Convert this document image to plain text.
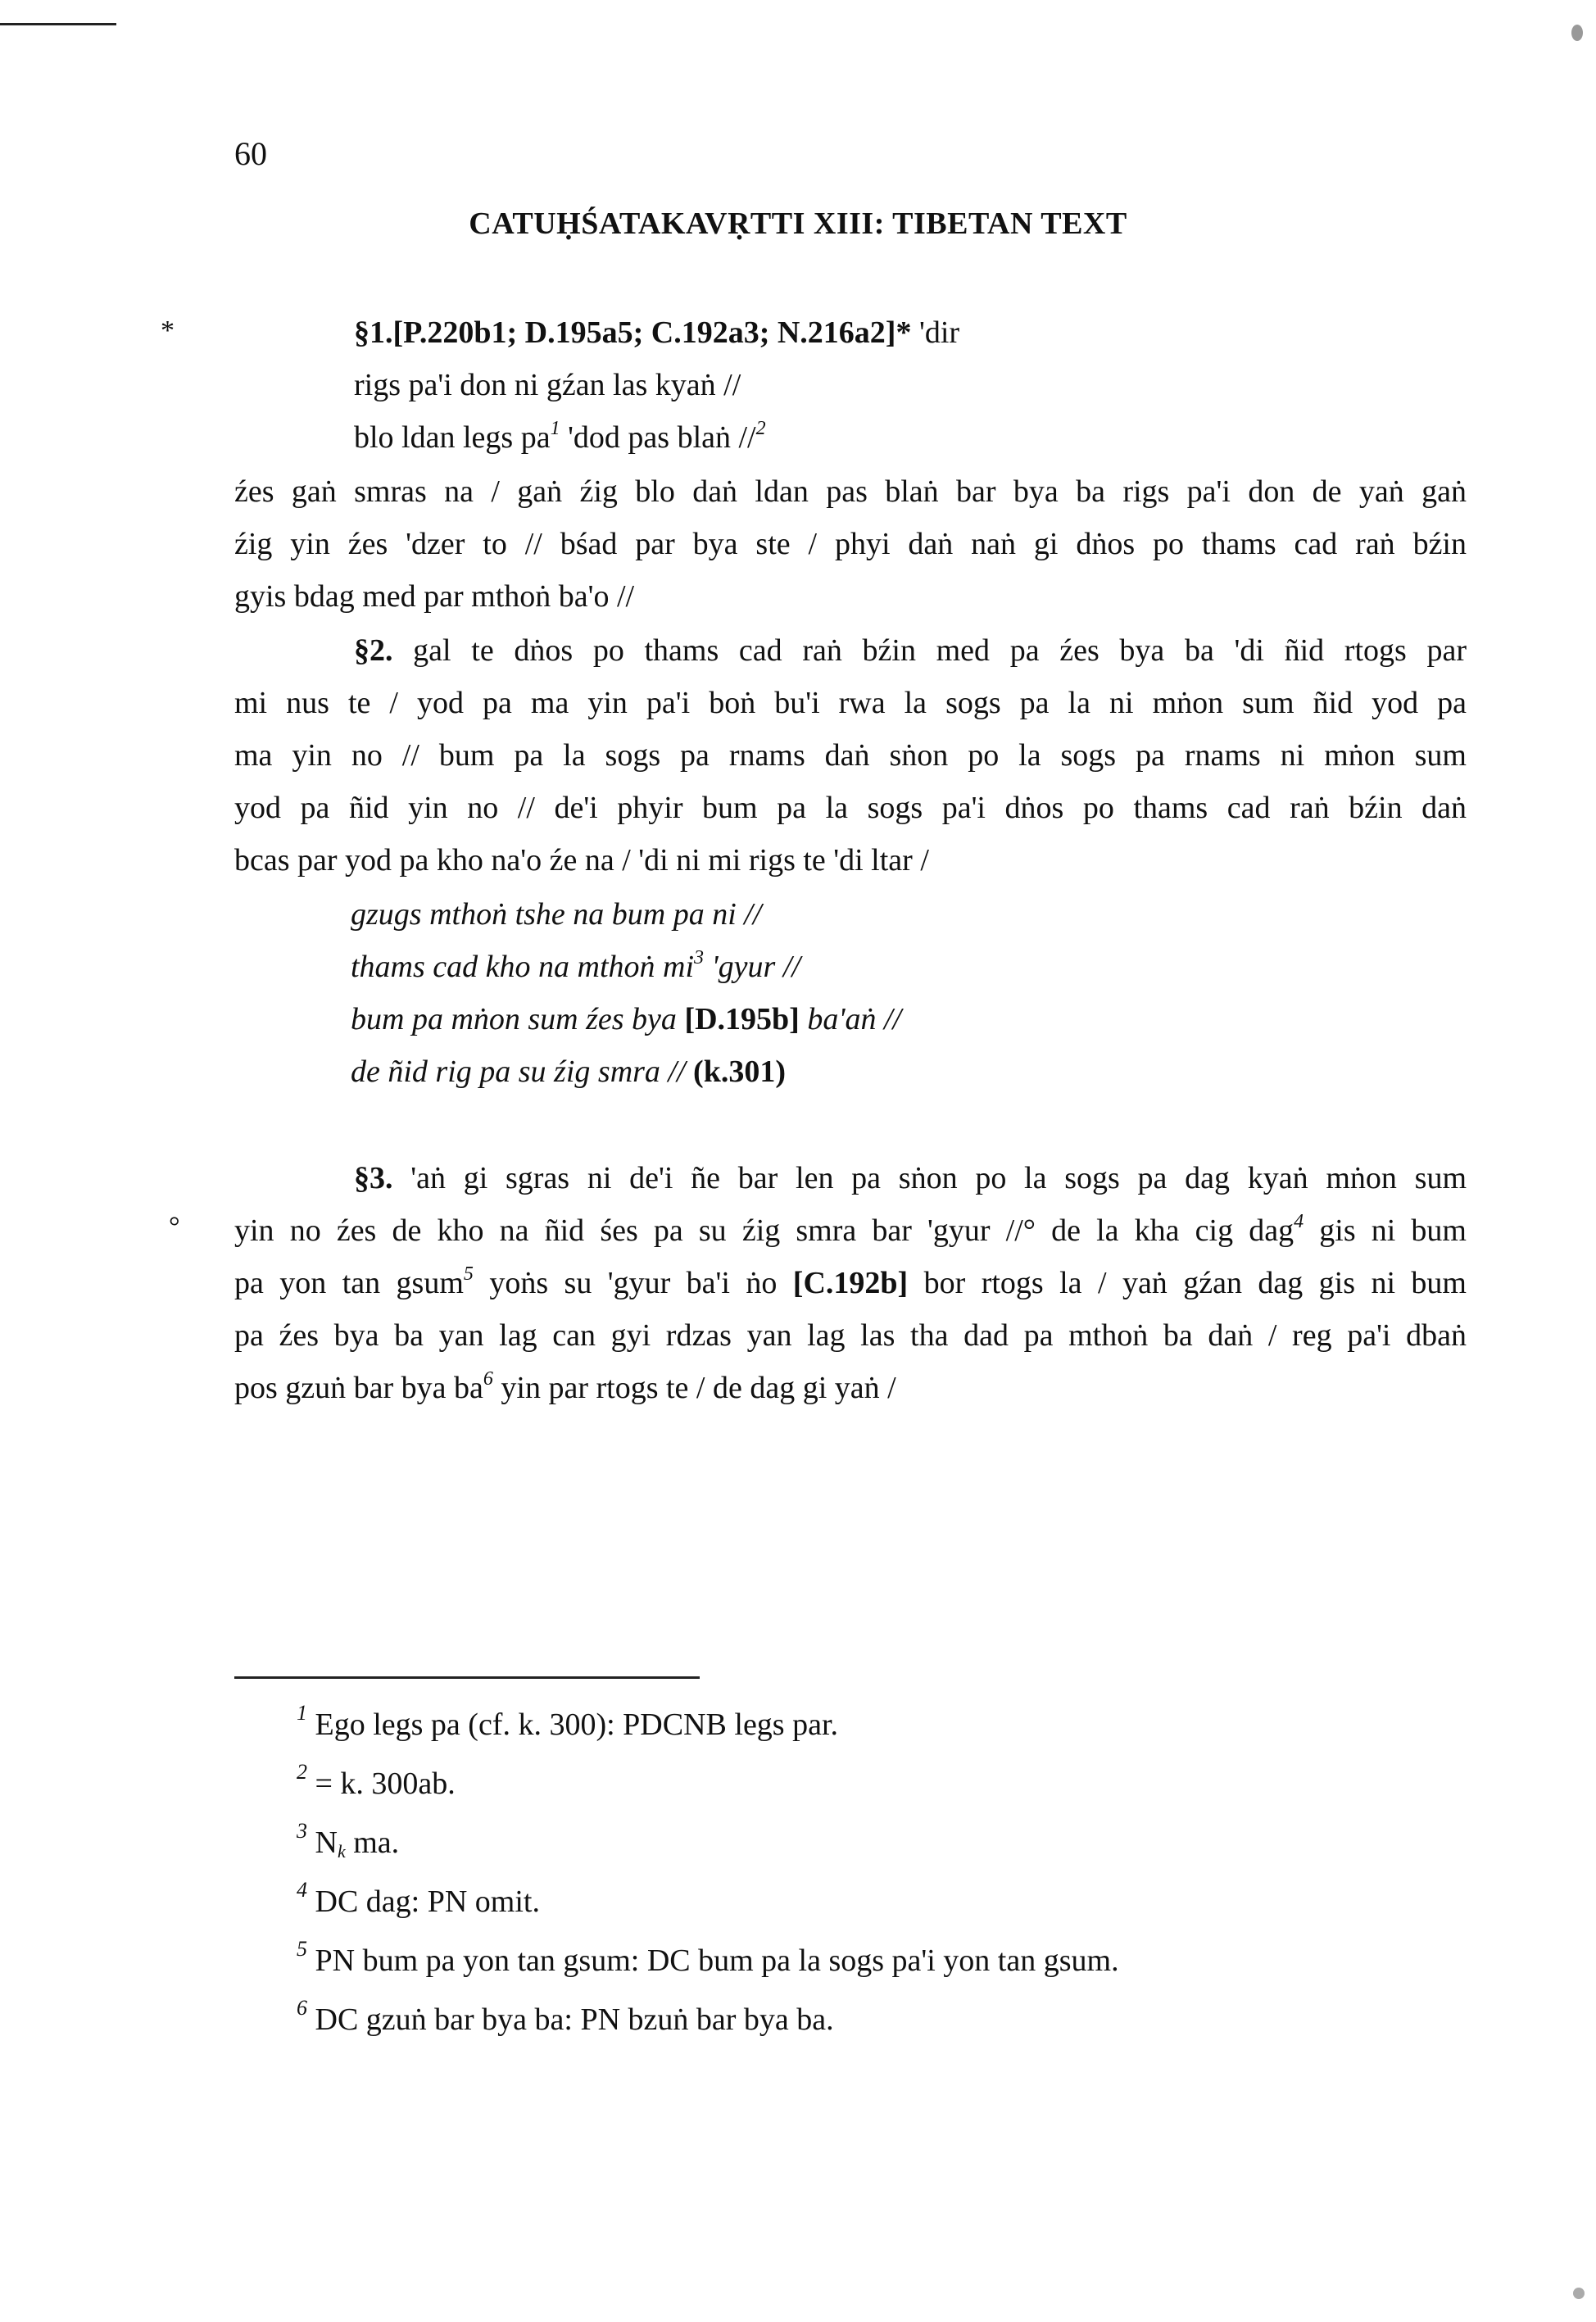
60
CATUḤŚATAKAVṚTTI XIII: TIBETAN TEXT
*
°
§1.[P.220b1; D.195a5; C.192a3; N.216a2]* 'dir
rigs pa'i don ni gźan las kyaṅ //
blo ldan legs $pa^1$ 'dod pas blaṅ //$^2$
źes gaṅ smras na / gaṅ źig blo daṅ ldan pas blaṅ bar bya ba rigs pa'i don de yaṅ gaṅ
źig yin źes 'dzer to // bśad par bya ste / phyi daṅ naṅ gi dṅos po thams cad raṅ bźin
gyis bdag med par mthoṅ ba'o //
§2. gal te dṅos po thams cad raṅ bźin med pa źes bya ba 'di ñid rtogs par
mi nus te / yod pa ma yin pa'i boṅ bu'i rwa la sogs pa la ni mṅon sum ñid yod pa
ma yin no // bum pa la sogs pa rnams daṅ sṅon po la sogs pa rnams ni mṅon sum
yod pa ñid yin no // de'i phyir bum pa la sogs pa'i dṅos po thams cad raṅ bźin daṅ
bcas par yod pa kho na'o źe na / 'di ni mi rigs te 'di ltar /
gzugs mthoṅ tshe na bum pa ni //
thams cad kho na mthoṅ $mi^3$ 'gyur //
bum pa mṅon sum źes bya [D.195b] ba'aṅ //
de ñid rig pa su źig smra // (k.301)
§3. 'aṅ gi sgras ni de'i ñe bar len pa sṅon po la sogs pa dag kyaṅ mṅon sum
yin no źes de kho na ñid śes pa su źig smra bar 'gyur //° de la kha cig dag$^4$ gis ni bum
pa yon tan gsum$^5$ yoṅs su 'gyur ba'i ṅo [C.192b] bor rtogs la / yaṅ gźan dag gis ni bum
pa źes bya ba yan lag can gyi rdzas yan lag las tha dad pa mthoṅ ba daṅ / reg pa'i dbaṅ
pos gzuṅ bar bya $ba^6$ yin par rtogs te / de dag gi yaṅ /
$^1$ Ego legs pa (cf. k. 300): PDCNB legs par.
$^2$ = k. 300ab.
$^3$ $N_k$ ma.
$^4$ DC dag: PN omit.
$^5$ PN bum pa yon tan gsum: DC bum pa la sogs pa'i yon tan gsum.
$^6$ DC gzuṅ bar bya ba: PN bzuṅ bar bya ba.
